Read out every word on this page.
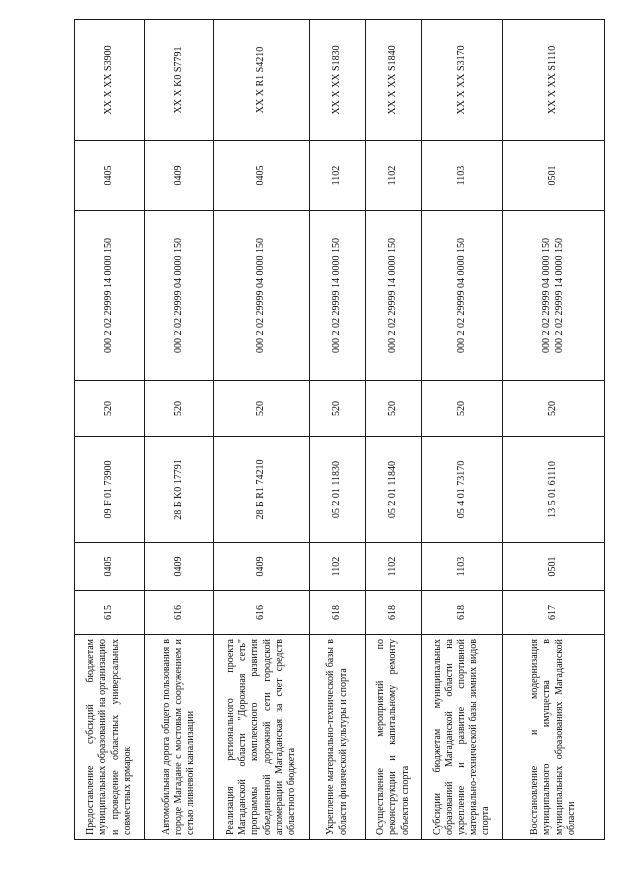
Предоставление субсидий бюджетам муниципальных образований на организацию и проведение областных универсальных совместных ярмарок	615	0405	09 F 01 73900	520	000 2 02 29999 14 0000 150	0405	XX X XX S3900
Автомобильная дорога общего пользования в городе Магадане с мостовым сооружением и сетью ливневой канализации	616	0409	28 Б K0 17791	520	000 2 02 29999 04 0000 150	0409	XX X K0 S7791
Реализация регионального проекта Магаданской области "Дорожная сеть" программы комплексного развития объединенной дорожной сети городской агломерации Магаданская за счет средств областного бюджета	616	0409	28 Б R1 74210	520	000 2 02 29999 04 0000 150	0405	XX X R1 S4210
Укрепление материально-технической базы в области физической культуры и спорта	618	1102	05 2 01 11830	520	000 2 02 29999 14 0000 150	1102	XX X XX S1830
Осуществление мероприятий по реконструкции и капитальному ремонту объектов спорта	618	1102	05 2 01 11840	520	000 2 02 29999 14 0000 150	1102	XX X XX S1840
Субсидии бюджетам муниципальных образований Магаданской области на укрепление и развитие спортивной материально-технической базы зимних видов спорта	618	1103	05 4 01 73170	520	000 2 02 29999 04 0000 150	1103	XX X XX S3170
Восстановление и модернизация муниципального имущества в муниципальных образованиях Магаданской области	617	0501	13 5 01 61110	520	000 2 02 29999 04 0000 150 000 2 02 29999 14 0000 150	0501	XX X XX S1110
